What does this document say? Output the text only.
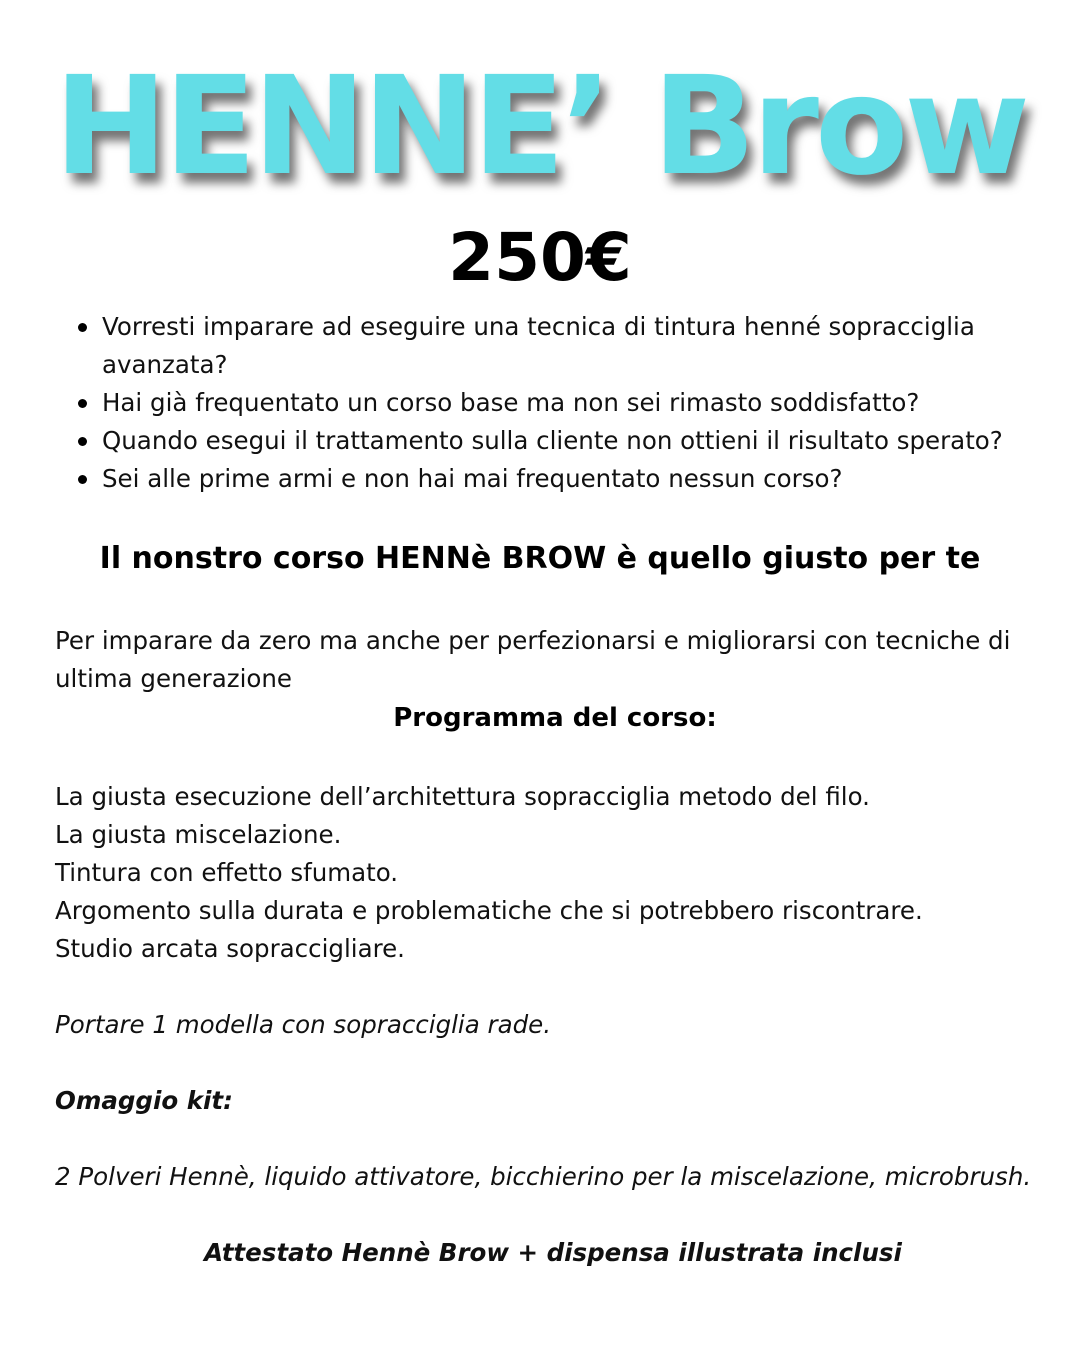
HENNE’ Brow
250€
Vorresti imparare ad eseguire una tecnica di tintura henné sopracciglia avanzata?
Hai già frequentato un corso base ma non sei rimasto soddisfatto?
Quando esegui il trattamento sulla cliente non ottieni il risultato sperato?
Sei alle prime armi e non hai mai frequentato nessun corso?
Il nonstro corso HENNè BROW è quello giusto per te
Per imparare da zero ma anche per perfezionarsi e migliorarsi con tecniche di ultima generazione
Programma del corso:
La giusta esecuzione dell’architettura sopracciglia metodo del filo.
La giusta miscelazione.
Tintura con effetto sfumato.
Argomento sulla durata e problematiche che si potrebbero riscontrare.
Studio arcata sopraccigliare.
Portare 1 modella con sopracciglia rade.
Omaggio kit:
2 Polveri Hennè, liquido attivatore, bicchierino per la miscelazione, microbrush.
Attestato Hennè Brow + dispensa illustrata inclusi
